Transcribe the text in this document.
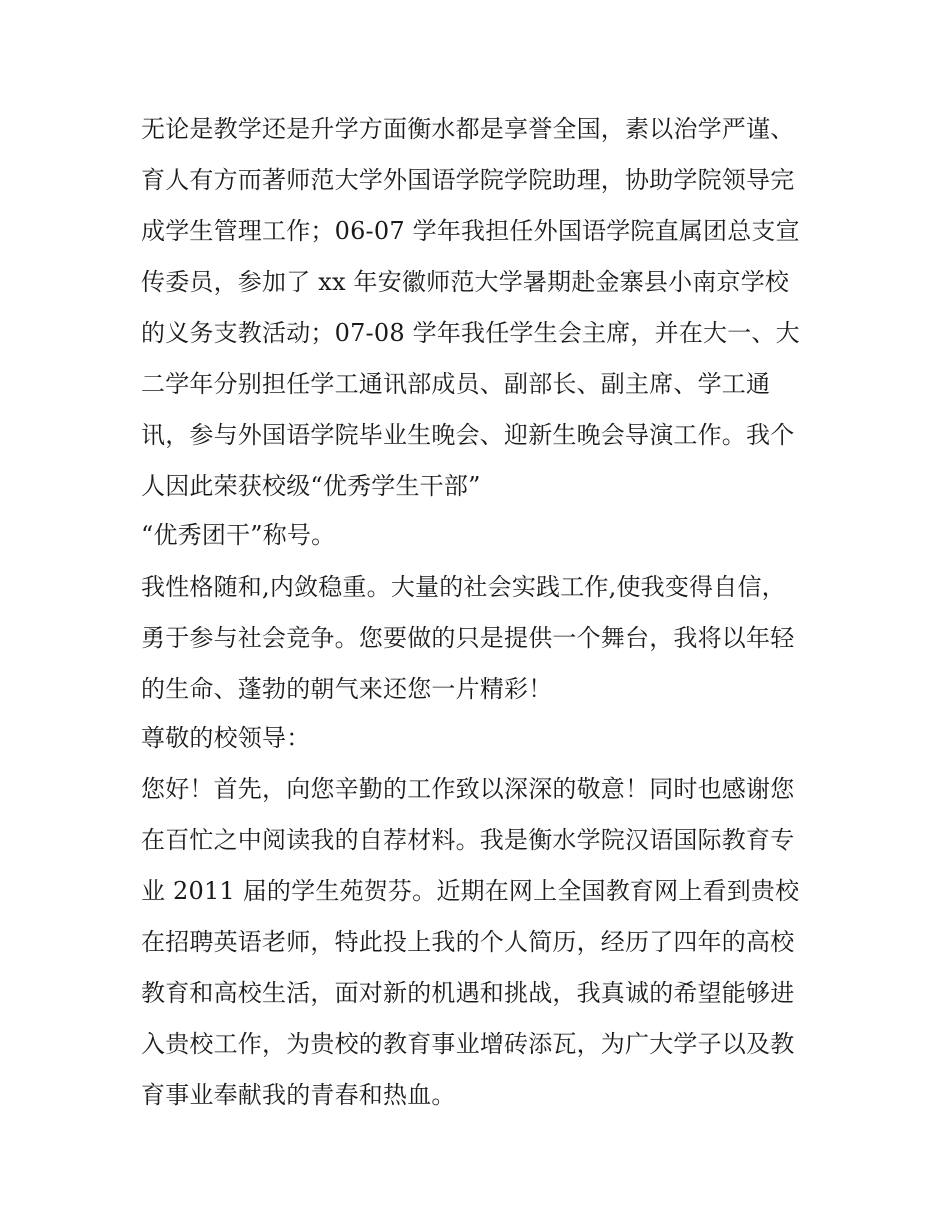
无论是教学还是升学方面衡水都是享誉全国，素以治学严谨、
育人有方而著师范大学外国语学院学院助理，协助学院领导完
成学生管理工作；06-07 学年我担任外国语学院直属团总支宣
传委员，参加了 xx 年安徽师范大学暑期赴金寨县小南京学校
的义务支教活动；07-08 学年我任学生会主席，并在大一、大
二学年分别担任学工通讯部成员、副部长、副主席、学工通
讯，参与外国语学院毕业生晚会、迎新生晚会导演工作。我个
人因此荣获校级“优秀学生干部”
“优秀团干”称号。
我性格随和,内敛稳重。大量的社会实践工作,使我变得自信，
勇于参与社会竞争。您要做的只是提供一个舞台，我将以年轻
的生命、蓬勃的朝气来还您一片精彩！
尊敬的校领导：
您好！首先，向您辛勤的工作致以深深的敬意！同时也感谢您
在百忙之中阅读我的自荐材料。我是衡水学院汉语国际教育专
业 2011 届的学生苑贺芬。近期在网上全国教育网上看到贵校
在招聘英语老师，特此投上我的个人简历，经历了四年的高校
教育和高校生活，面对新的机遇和挑战，我真诚的希望能够进
入贵校工作，为贵校的教育事业增砖添瓦，为广大学子以及教
育事业奉献我的青春和热血。
